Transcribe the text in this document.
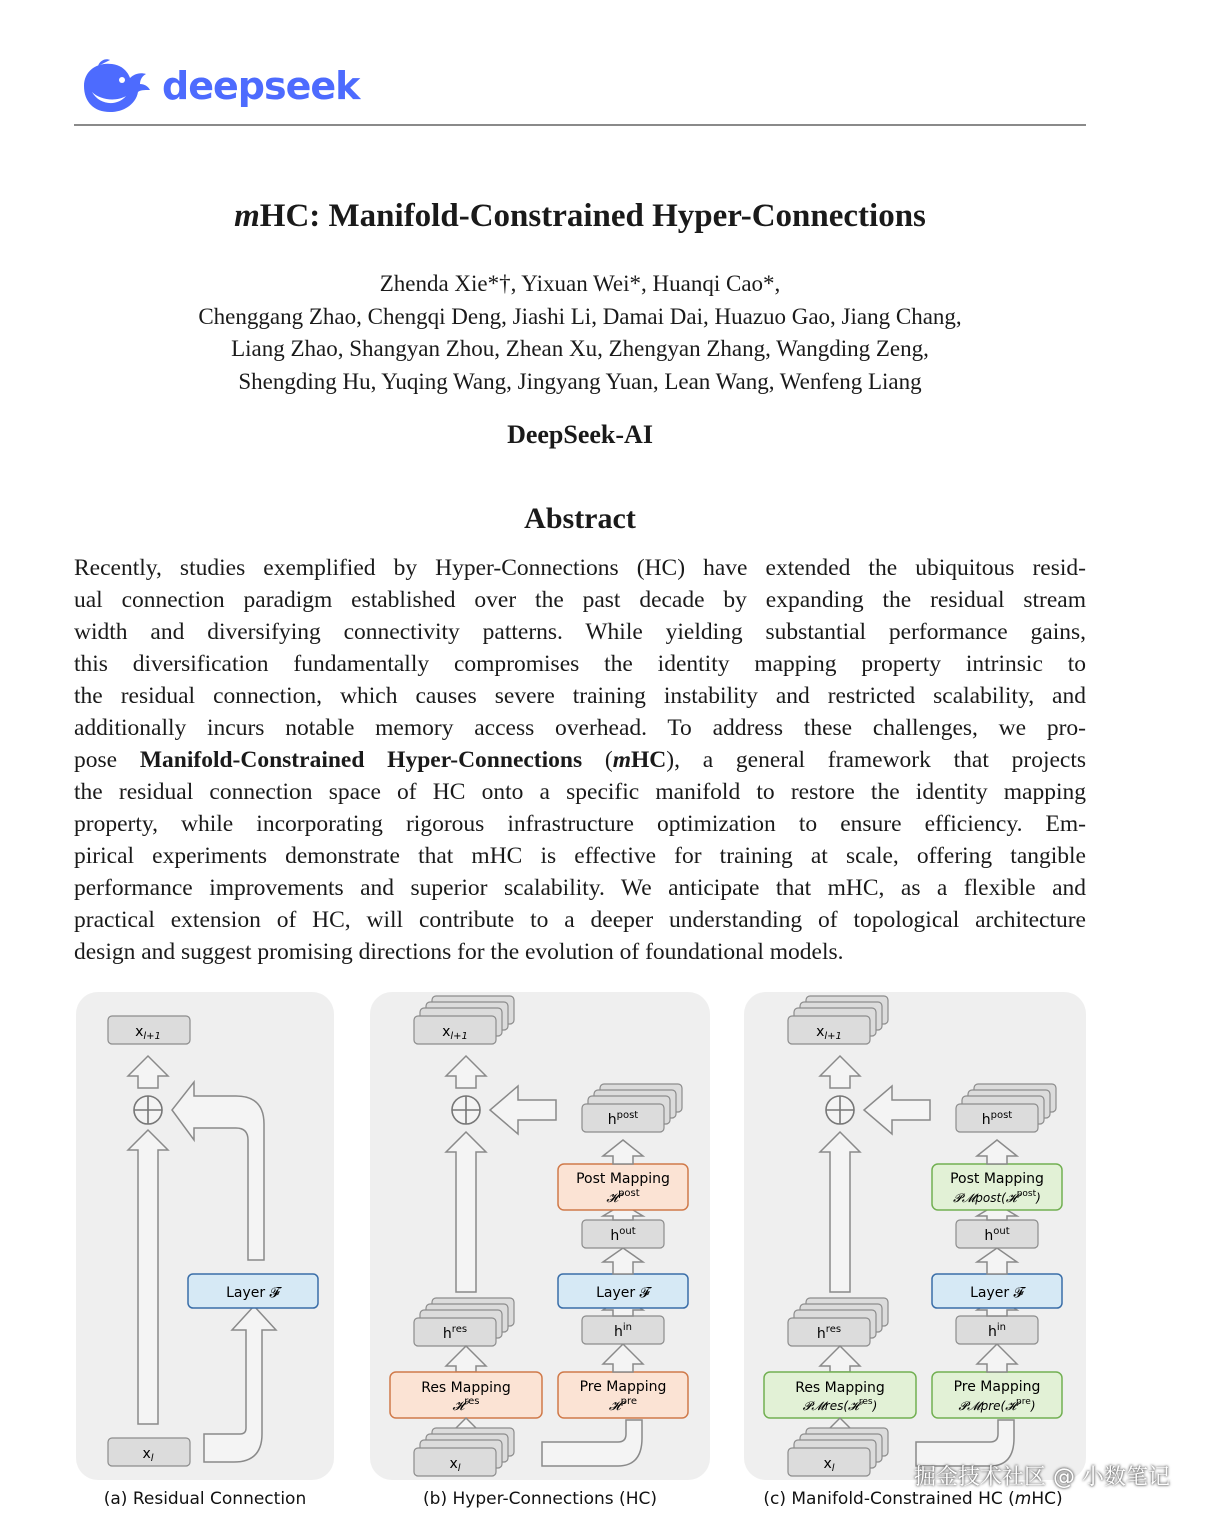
deepseek
mHC: Manifold-Constrained Hyper-Connections
Zhenda Xie*†, Yixuan Wei*, Huanqi Cao*,
Chenggang Zhao, Chengqi Deng, Jiashi Li, Damai Dai, Huazuo Gao, Jiang Chang,
Liang Zhao, Shangyan Zhou, Zhean Xu, Zhengyan Zhang, Wangding Zeng,
Shengding Hu, Yuqing Wang, Jingyang Yuan, Lean Wang, Wenfeng Liang
DeepSeek-AI
Abstract
Recently, studies exemplified by Hyper-Connections (HC) have extended the ubiquitous resid-
ual connection paradigm established over the past decade by expanding the residual stream
width and diversifying connectivity patterns. While yielding substantial performance gains,
this diversification fundamentally compromises the identity mapping property intrinsic to
the residual connection, which causes severe training instability and restricted scalability, and
additionally incurs notable memory access overhead. To address these challenges, we pro-
pose Manifold-Constrained Hyper-Connections (mHC), a general framework that projects
the residual connection space of HC onto a specific manifold to restore the identity mapping
property, while incorporating rigorous infrastructure optimization to ensure efficiency. Em-
pirical experiments demonstrate that mHC is effective for training at scale, offering tangible
performance improvements and superior scalability. We anticipate that mHC, as a flexible and
practical extension of HC, will contribute to a deeper understanding of topological architecture
design and suggest promising directions for the evolution of foundational models.
$x_{l+1}$
$x_l$
Layer 𝓕
(a) Residual Connection
$x_{l+1}$
$h^{res}$
Res Mapping
𝓗$^{res}$
$x_l$
Pre Mapping
𝓗$^{pre}$
$h^{in}$
Layer 𝓕
$h^{out}$
Post Mapping
𝓗$^{post}$
$h^{post}$
(b) Hyper-Connections (HC)
$x_{l+1}$
$h^{res}$
Res Mapping
𝓟𝓜res(𝓗$^{res}$)
$x_l$
Pre Mapping
𝓟𝓜pre(𝓗$^{pre}$)
$h^{in}$
Layer 𝓕
$h^{out}$
Post Mapping
𝓟𝓜post(𝓗$^{post}$)
$h^{post}$
(c) Manifold-Constrained HC (mHC)
掘金技术社区 @ 小数笔记
